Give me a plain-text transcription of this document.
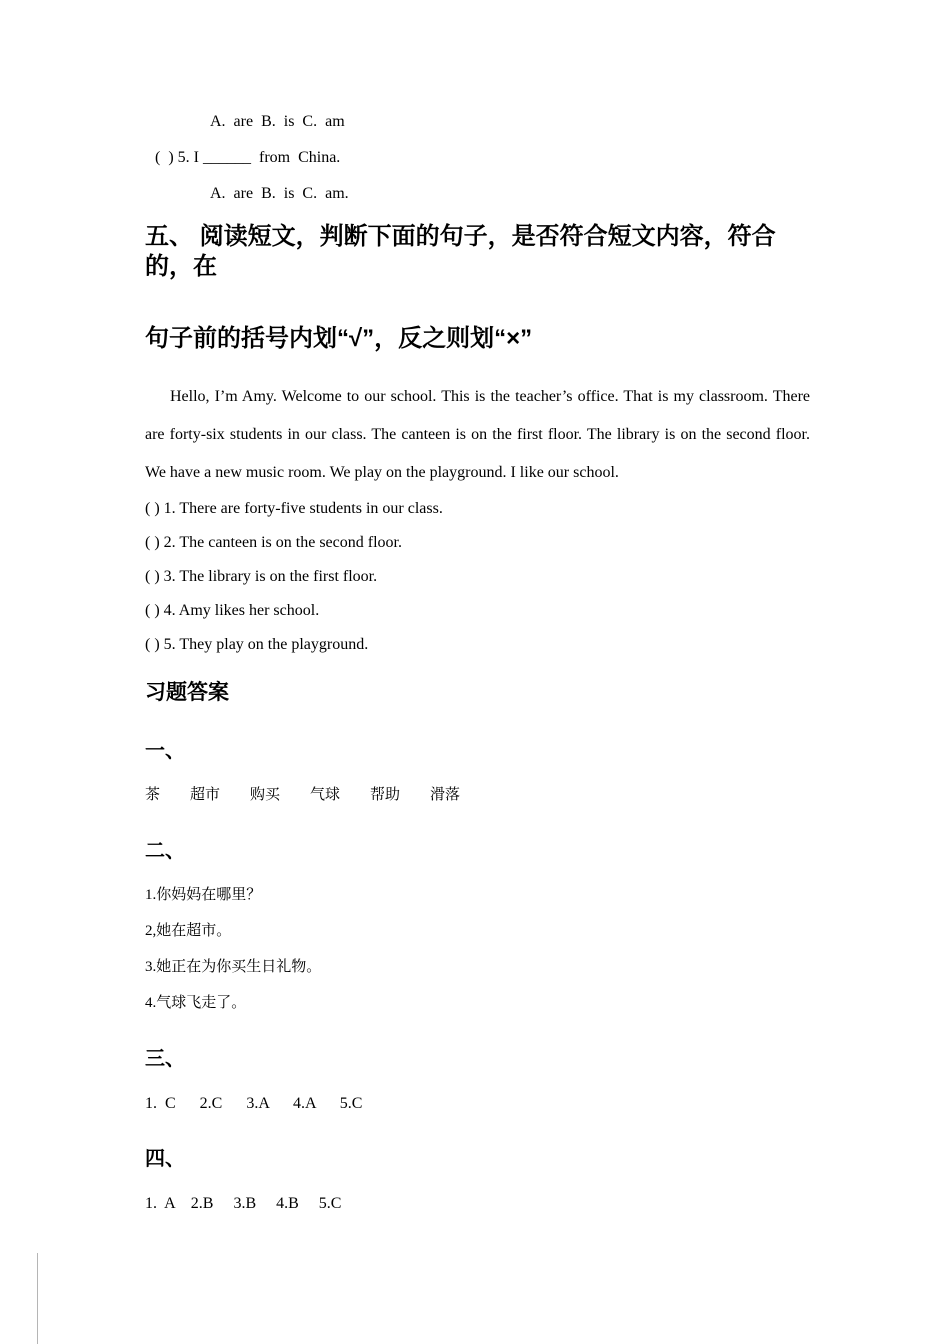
A.  are  B.  is  C.  am
(  ) 5. I ______  from  China.
A.  are  B.  is  C.  am.
五、 阅读短文，判断下面的句子，是否符合短文内容，符合的，在
句子前的括号内划“√”，反之则划“×”

Hello, I’m Amy. Welcome to our school. This is the teacher’s office. That is my classroom. There are forty-six students in our class. The canteen is on the first floor. The library is on the second floor. We have a new music room. We play on the playground. I like our school.

( ) 1. There are forty-five students in our class.
( ) 2. The canteen is on the second floor.
( ) 3. The library is on the first floor.
( ) 4. Amy likes her school.
( ) 5. They play on the playground.
习题答案
一、
茶        超市        购买        气球        帮助        滑落
二、
1.你妈妈在哪里？
2,她在超市。
3.她正在为你买生日礼物。
4.气球飞走了。
三、
1.  C      2.C      3.A      4.A      5.C
四、
1.  A    2.B     3.B     4.B     5.C
